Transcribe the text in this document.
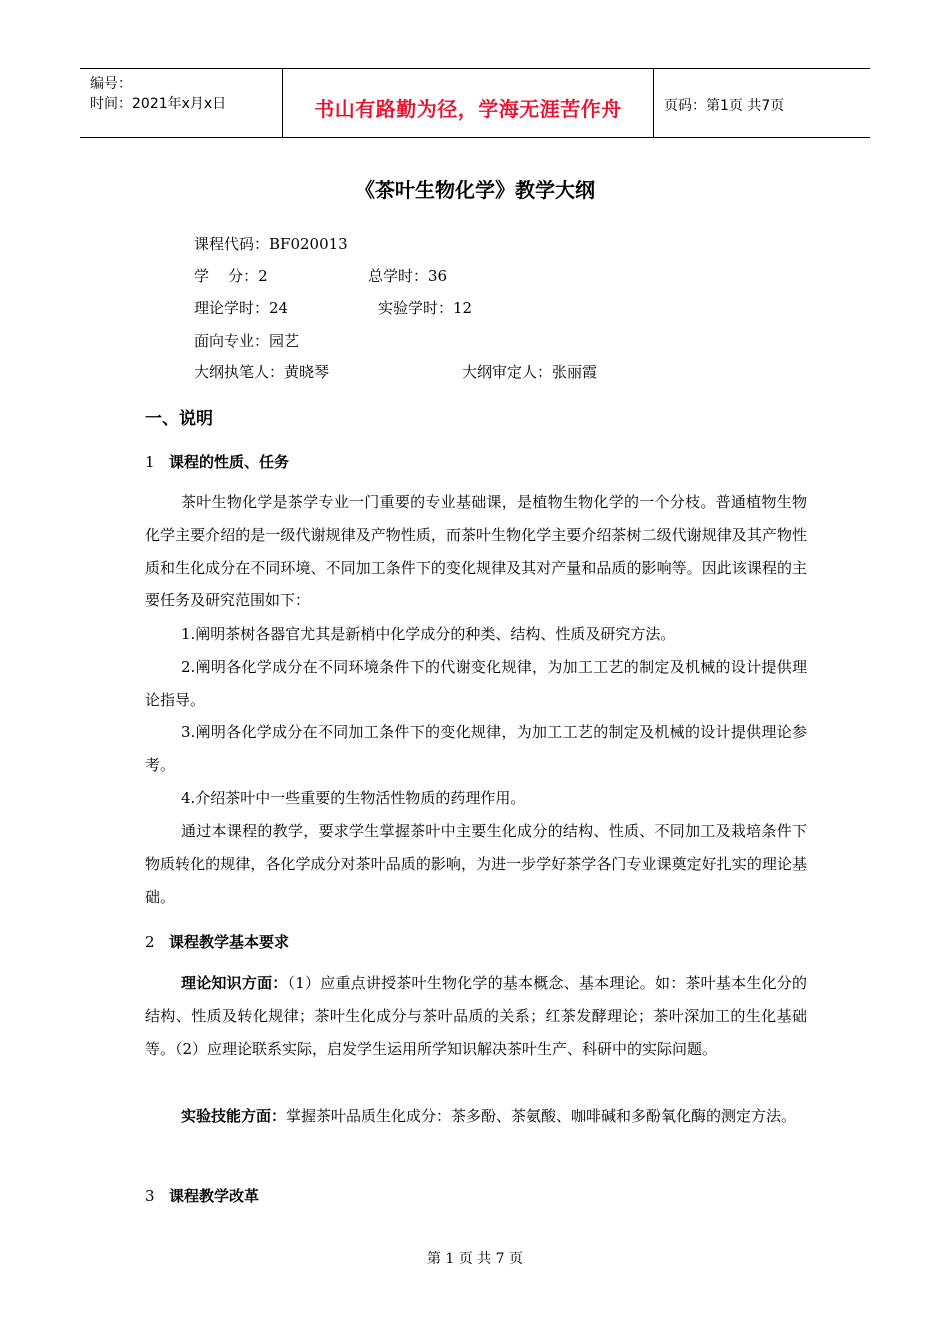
编号：
时间：2021年x月x日	书山有路勤为径，学海无涯苦作舟	页码：第1页 共7页
《茶叶生物化学》教学大纲
课程代码：BF020013
学    分：2	总学时：36
理论学时：24	实验学时：12
面向专业：园艺
大纲执笔人：黄晓琴	大纲审定人：张丽霞
一、说明
1 课程的性质、任务
茶叶生物化学是茶学专业一门重要的专业基础课，是植物生物化学的一个分枝。普通植物生物化学主要介绍的是一级代谢规律及产物性质，而茶叶生物化学主要介绍茶树二级代谢规律及其产物性质和生化成分在不同环境、不同加工条件下的变化规律及其对产量和品质的影响等。因此该课程的主要任务及研究范围如下：
1.阐明茶树各器官尤其是新梢中化学成分的种类、结构、性质及研究方法。
2.阐明各化学成分在不同环境条件下的代谢变化规律，为加工工艺的制定及机械的设计提供理论指导。
3.阐明各化学成分在不同加工条件下的变化规律，为加工工艺的制定及机械的设计提供理论参考。
4.介绍茶叶中一些重要的生物活性物质的药理作用。
通过本课程的教学，要求学生掌握茶叶中主要生化成分的结构、性质、不同加工及栽培条件下物质转化的规律，各化学成分对茶叶品质的影响，为进一步学好茶学各门专业课奠定好扎实的理论基础。
2 课程教学基本要求
理论知识方面：（1）应重点讲授茶叶生物化学的基本概念、基本理论。如：茶叶基本生化分的结构、性质及转化规律；茶叶生化成分与茶叶品质的关系；红茶发酵理论；茶叶深加工的生化基础等。（2）应理论联系实际，启发学生运用所学知识解决茶叶生产、科研中的实际问题。
实验技能方面：掌握茶叶品质生化成分：茶多酚、茶氨酸、咖啡碱和多酚氧化酶的测定方法。
3 课程教学改革
第 1 页 共 7 页
